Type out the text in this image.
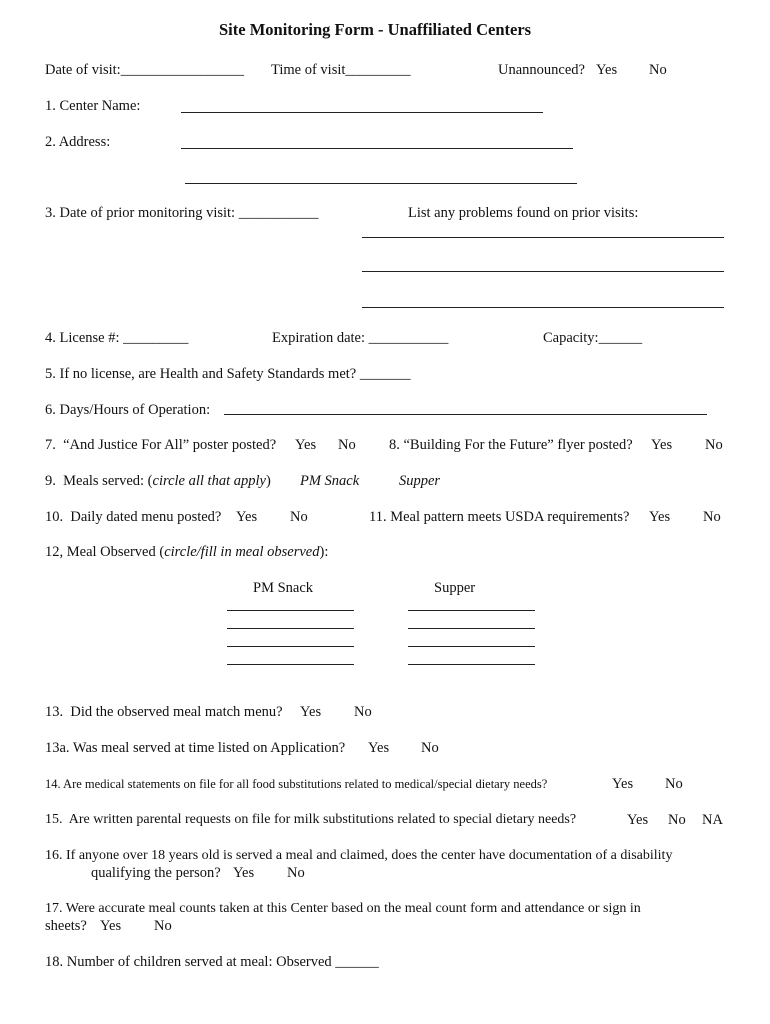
Site Monitoring Form - Unaffiliated Centers
Date of visit:_________________ Time of visit_________	Unannounced? Yes No
1. Center Name:
2. Address:
3. Date of prior monitoring visit: ___________	List any problems found on prior visits:
4. License #: _________	Expiration date: ___________	Capacity:______
5. If no license, are Health and Safety Standards met? _______
6. Days/Hours of Operation:
7.  “And Justice For All” poster posted? Yes No 8. “Building For the Future” flyer posted? Yes No
9.  Meals served: (circle all that apply) PM Snack	Supper
10.  Daily dated menu posted? Yes No	11. Meal pattern meets USDA requirements? Yes No
12, Meal Observed (circle/fill in meal observed):
PM Snack	Supper
13.  Did the observed meal match menu? Yes No
13a. Was meal served at time listed on Application? Yes No
14. Are medical statements on file for all food substitutions related to medical/special dietary needs?	Yes No
15.  Are written parental requests on file for milk substitutions related to special dietary needs?	Yes No NA
16. If anyone over 18 years old is served a meal and claimed, does the center have documentation of a disability
qualifying the person? Yes No
17. Were accurate meal counts taken at this Center based on the meal count form and attendance or sign in
sheets? Yes No
18. Number of children served at meal: Observed ______
